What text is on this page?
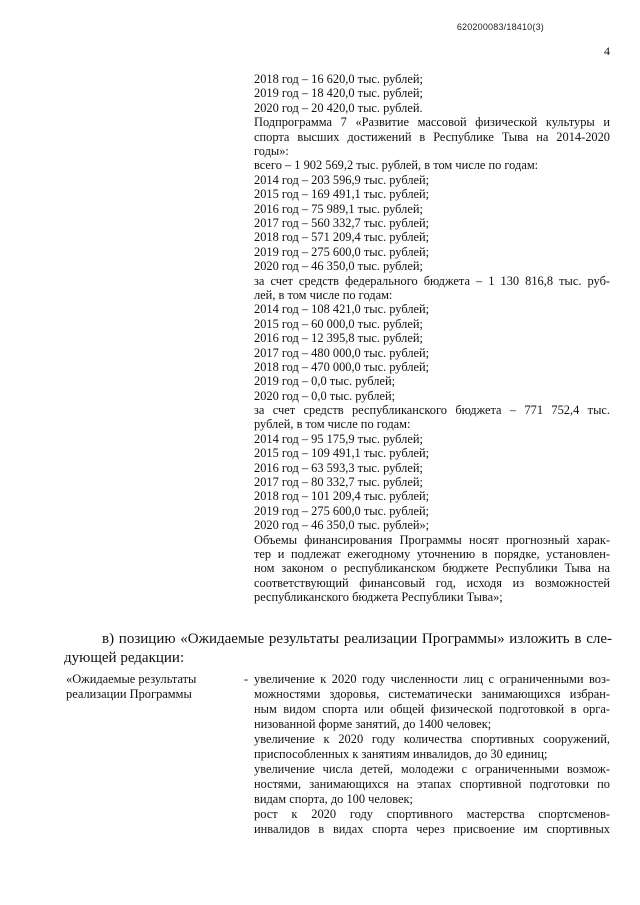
620200083/18410(3)
4
2018 год – 16 620,0 тыс. рублей;
2019 год – 18 420,0 тыс. рублей;
2020 год – 20 420,0 тыс. рублей.
Подпрограмма 7 «Развитие массовой физической культуры и
спорта высших достижений в Республике Тыва на 2014-2020
годы»:
всего – 1 902 569,2 тыс. рублей, в том числе по годам:
2014 год – 203 596,9 тыс. рублей;
2015 год – 169 491,1 тыс. рублей;
2016 год – 75 989,1 тыс. рублей;
2017 год – 560 332,7 тыс. рублей;
2018 год – 571 209,4 тыс. рублей;
2019 год – 275 600,0 тыс. рублей;
2020 год – 46 350,0 тыс. рублей;
за счет средств федерального бюджета – 1 130 816,8 тыс. руб-
лей, в том числе по годам:
2014 год – 108 421,0 тыс. рублей;
2015 год – 60 000,0 тыс. рублей;
2016 год – 12 395,8 тыс. рублей;
2017 год – 480 000,0 тыс. рублей;
2018 год – 470 000,0 тыс. рублей;
2019 год – 0,0 тыс. рублей;
2020 год – 0,0 тыс. рублей;
за счет средств республиканского бюджета – 771 752,4 тыс.
рублей, в том числе по годам:
2014 год – 95 175,9 тыс. рублей;
2015 год – 109 491,1 тыс. рублей;
2016 год – 63 593,3 тыс. рублей;
2017 год – 80 332,7 тыс. рублей;
2018 год – 101 209,4 тыс. рублей;
2019 год – 275 600,0 тыс. рублей;
2020 год – 46 350,0 тыс. рублей»;
Объемы финансирования Программы носят прогнозный харак-
тер и подлежат ежегодному уточнению в порядке, установлен-
ном законом о республиканском бюджете Республики Тыва на
соответствующий финансовый год, исходя из возможностей
республиканского бюджета Республики Тыва»;
в) позицию «Ожидаемые результаты реализации Программы» изложить в сле-
дующей редакции:
«Ожидаемые результаты
реализации Программы
- увеличение к 2020 году численности лиц с ограниченными воз-
можностями здоровья, систематически занимающихся избран-
ным видом спорта или общей физической подготовкой в орга-
низованной форме занятий, до 1400 человек;
увеличение к 2020 году количества спортивных сооружений,
приспособленных к занятиям инвалидов, до 30 единиц;
увеличение числа детей, молодежи с ограниченными возмож-
ностями, занимающихся на этапах спортивной подготовки по
видам спорта, до 100 человек;
рост к 2020 году спортивного мастерства спортсменов-
инвалидов в видах спорта через присвоение им спортивных
